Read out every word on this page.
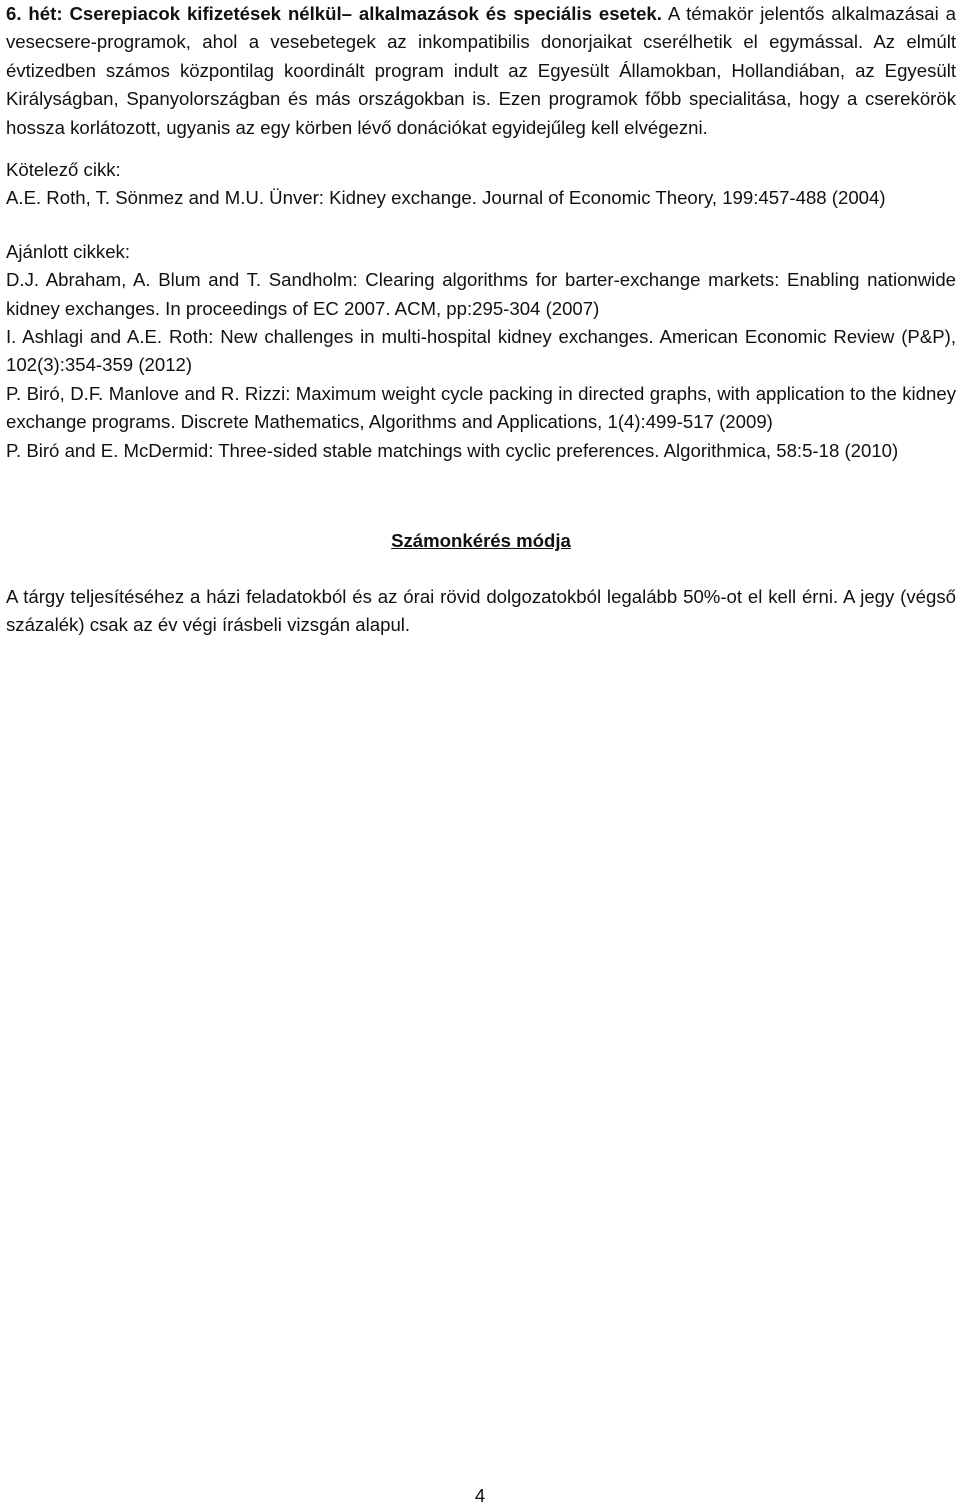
6. hét: Cserepiacok kifizetések nélkül– alkalmazások és speciális esetek. A témakör jelentős alkalmazásai a vesecsere-programok, ahol a vesebetegek az inkompatibilis donorjaikat cserélhetik el egymással. Az elmúlt évtizedben számos központilag koordinált program indult az Egyesült Államokban, Hollandiában, az Egyesült Királyságban, Spanyolországban és más országokban is. Ezen programok főbb specialitása, hogy a cserekörök hossza korlátozott, ugyanis az egy körben lévő donációkat egyidejűleg kell elvégezni.

Kötelező cikk:

A.E. Roth, T. Sönmez and M.U. Ünver: Kidney exchange. Journal of Economic Theory, 199:457-488 (2004)

Ajánlott cikkek:

D.J. Abraham, A. Blum and T. Sandholm: Clearing algorithms for barter-exchange markets: Enabling nationwide kidney exchanges. In proceedings of EC 2007. ACM, pp:295-304 (2007)

I. Ashlagi and A.E. Roth: New challenges in multi-hospital kidney exchanges. American Economic Review (P&P), 102(3):354-359 (2012)

P. Biró, D.F. Manlove and R. Rizzi: Maximum weight cycle packing in directed graphs, with application to the kidney exchange programs. Discrete Mathematics, Algorithms and Applications, 1(4):499-517 (2009)

P. Biró and E. McDermid: Three-sided stable matchings with cyclic preferences. Algorithmica, 58:5-18 (2010)

Számonkérés módja

A tárgy teljesítéséhez a házi feladatokból és az órai rövid dolgozatokból legalább 50%-ot el kell érni. A jegy (végső százalék) csak az év végi írásbeli vizsgán alapul.

4
